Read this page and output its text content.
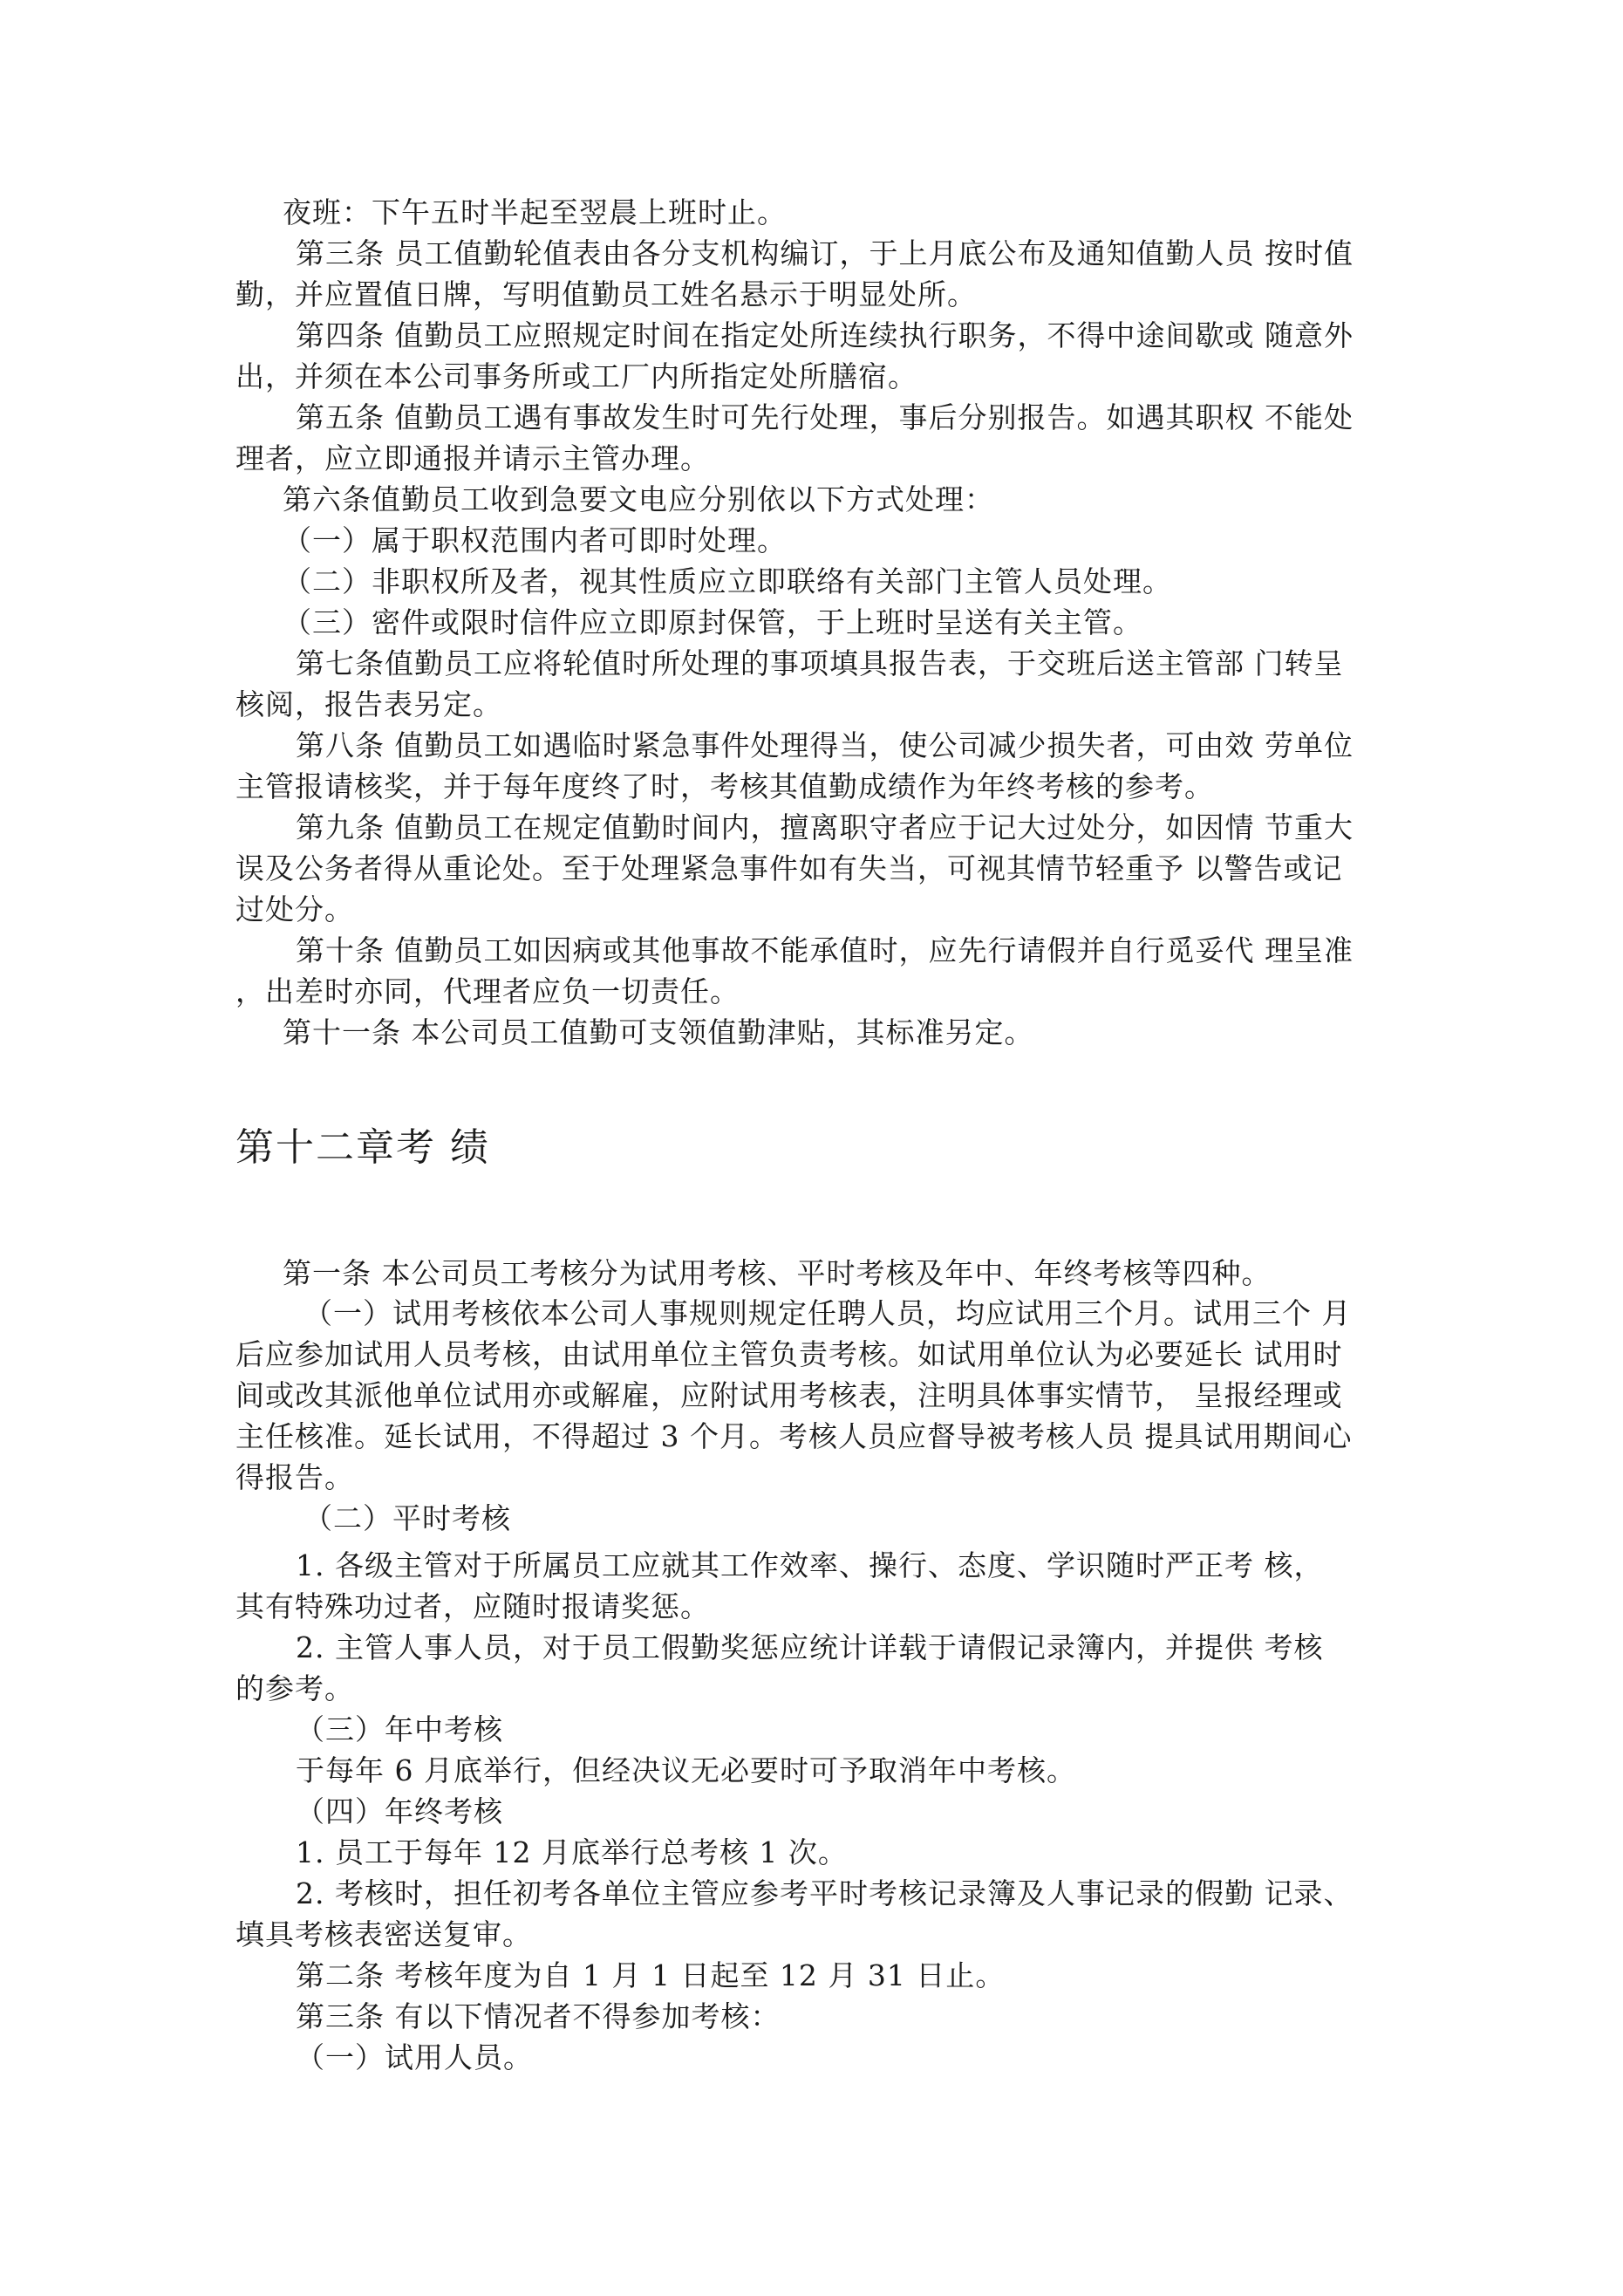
夜班：下午五时半起至翌晨上班时止。
第三条 员工值勤轮值表由各分支机构编订，于上月底公布及通知值勤人员 按时值
勤，并应置值日牌，写明值勤员工姓名悬示于明显处所。
第四条 值勤员工应照规定时间在指定处所连续执行职务，不得中途间歇或 随意外
出，并须在本公司事务所或工厂内所指定处所膳宿。
第五条 值勤员工遇有事故发生时可先行处理，事后分别报告。如遇其职权 不能处
理者，应立即通报并请示主管办理。
第六条值勤员工收到急要文电应分别依以下方式处理：
（一）属于职权范围内者可即时处理。
（二）非职权所及者，视其性质应立即联络有关部门主管人员处理。
（三）密件或限时信件应立即原封保管，于上班时呈送有关主管。
第七条值勤员工应将轮值时所处理的事项填具报告表，于交班后送主管部 门转呈
核阅，报告表另定。
第八条 值勤员工如遇临时紧急事件处理得当，使公司减少损失者，可由效 劳单位
主管报请核奖，并于每年度终了时，考核其值勤成绩作为年终考核的参考。
第九条 值勤员工在规定值勤时间内，擅离职守者应于记大过处分，如因情 节重大
误及公务者得从重论处。至于处理紧急事件如有失当，可视其情节轻重予 以警告或记
过处分。
第十条 值勤员工如因病或其他事故不能承值时，应先行请假并自行觅妥代 理呈准
，出差时亦同，代理者应负一切责任。
第十一条 本公司员工值勤可支领值勤津贴，其标准另定。
第十二章考 绩
第一条 本公司员工考核分为试用考核、平时考核及年中、年终考核等四种。
（一）试用考核依本公司人事规则规定任聘人员，均应试用三个月。试用三个 月
后应参加试用人员考核，由试用单位主管负责考核。如试用单位认为必要延长 试用时
间或改其派他单位试用亦或解雇，应附试用考核表，注明具体事实情节， 呈报经理或
主任核准。延长试用，不得超过 3 个月。考核人员应督导被考核人员 提具试用期间心
得报告。
（二）平时考核
1. 各级主管对于所属员工应就其工作效率、操行、态度、学识随时严正考 核，
其有特殊功过者，应随时报请奖惩。
2. 主管人事人员，对于员工假勤奖惩应统计详载于请假记录簿内，并提供 考核
的参考。
（三）年中考核
于每年 6 月底举行，但经决议无必要时可予取消年中考核。
（四）年终考核
1. 员工于每年 12 月底举行总考核 1 次。
2. 考核时，担任初考各单位主管应参考平时考核记录簿及人事记录的假勤 记录、
填具考核表密送复审。
第二条 考核年度为自 1 月 1 日起至 12 月 31 日止。
第三条 有以下情况者不得参加考核：
（一）试用人员。
